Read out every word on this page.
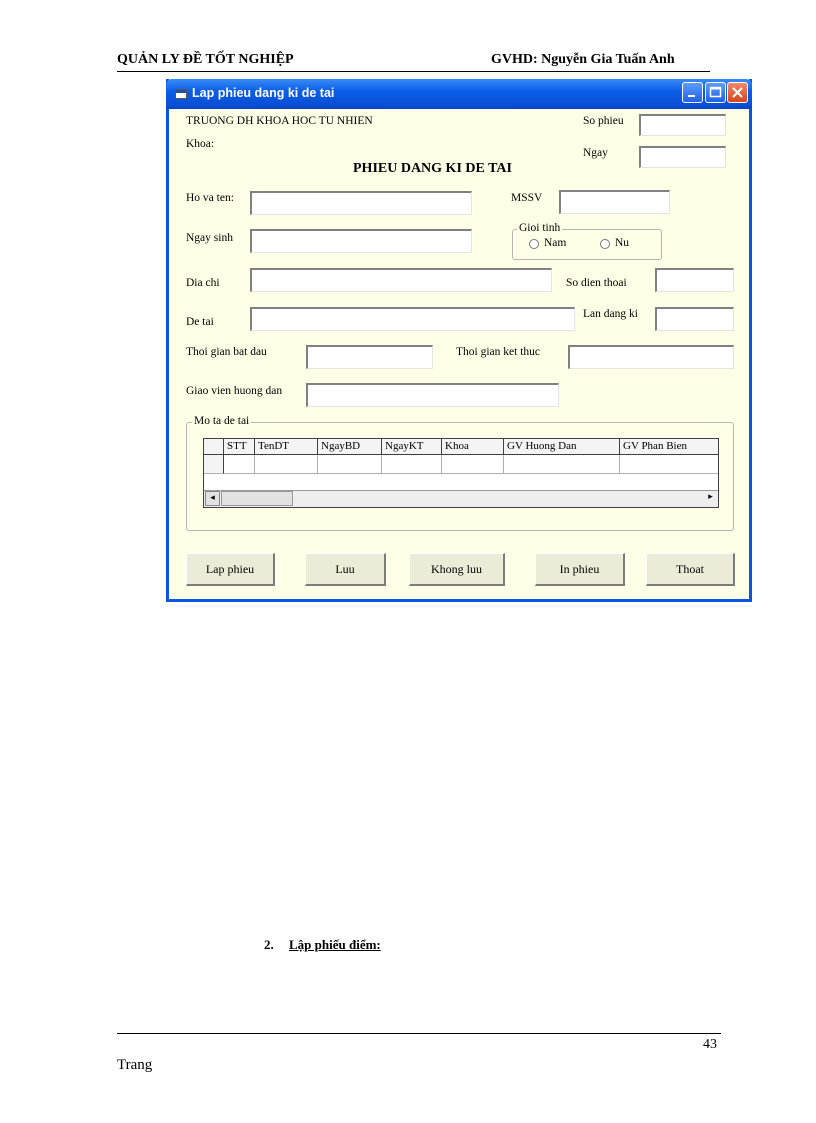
QUẢN LY ĐỀ TỐT NGHIỆP	GVHD: Nguyễn Gia Tuấn Anh
Lap phieu dang ki de tai
TRUONG DH KHOA HOC TU NHIEN
Khoa:
So phieu
Ngay
PHIEU DANG KI DE TAI
Ho va ten:	MSSV
Ngay sinh
Gioi tinh
Nam	Nu
Dia chi	So dien thoai
De tai
Lan dang ki
Thoi gian bat dau	Thoi gian ket thuc
Giao vien huong dan
Mo ta de tai
STT	TenDT	NgayBD	NgayKT	Khoa	GV Huong Dan	GV Phan Bien
◂	▸
Lap phieu	Luu	Khong luu	In phieu	Thoat
2. Lập phiếu điểm:
43
Trang
